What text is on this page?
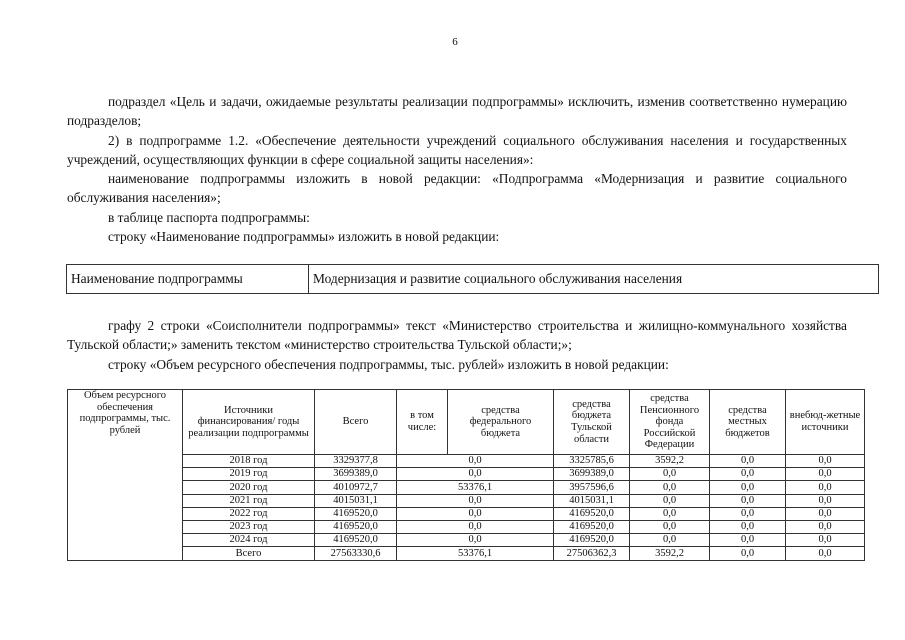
6

подраздел «Цель и задачи, ожидаемые результаты реализации подпрограммы» исключить, изменив соответственно нумерацию подразделов;

2) в подпрограмме 1.2. «Обеспечение деятельности учреждений социального обслуживания населения и государственных учреждений, осуществляющих функции в сфере социальной защиты населения»:

наименование подпрограммы изложить в новой редакции: «Подпрограмма «Модернизация и развитие социального обслуживания населения»;

в таблице паспорта подпрограммы:

строку «Наименование подпрограммы» изложить в новой редакции:

Наименование подпрограммы	Модернизация и развитие социального обслуживания населения

графу 2 строки «Соисполнители подпрограммы» текст «Министерство строительства и жилищно-коммунального хозяйства Тульской области;» заменить текстом «министерство строительства Тульской области;»;

строку «Объем ресурсного обеспечения подпрограммы, тыс. рублей» изложить в новой редакции:

Объем ресурсного обеспечения подпрограммы, тыс. рублей	Источники финансирования/ годы реализации подпрограммы	Всего	в том числе:	средства федерального бюджета	средства бюджета Тульской области	средства Пенсионного фонда Российской Федерации	средства местных бюджетов	внебюд-жетные источники
	2018 год	3329377,8	0,0		3325785,6	3592,2	0,0	0,0
	2019 год	3699389,0	0,0		3699389,0	0,0	0,0	0,0
	2020 год	4010972,7	53376,1		3957596,6	0,0	0,0	0,0
	2021 год	4015031,1	0,0		4015031,1	0,0	0,0	0,0
	2022 год	4169520,0	0,0		4169520,0	0,0	0,0	0,0
	2023 год	4169520,0	0,0		4169520,0	0,0	0,0	0,0
	2024 год	4169520,0	0,0		4169520,0	0,0	0,0	0,0
	Всего	27563330,6	53376,1		27506362,3	3592,2	0,0	0,0
